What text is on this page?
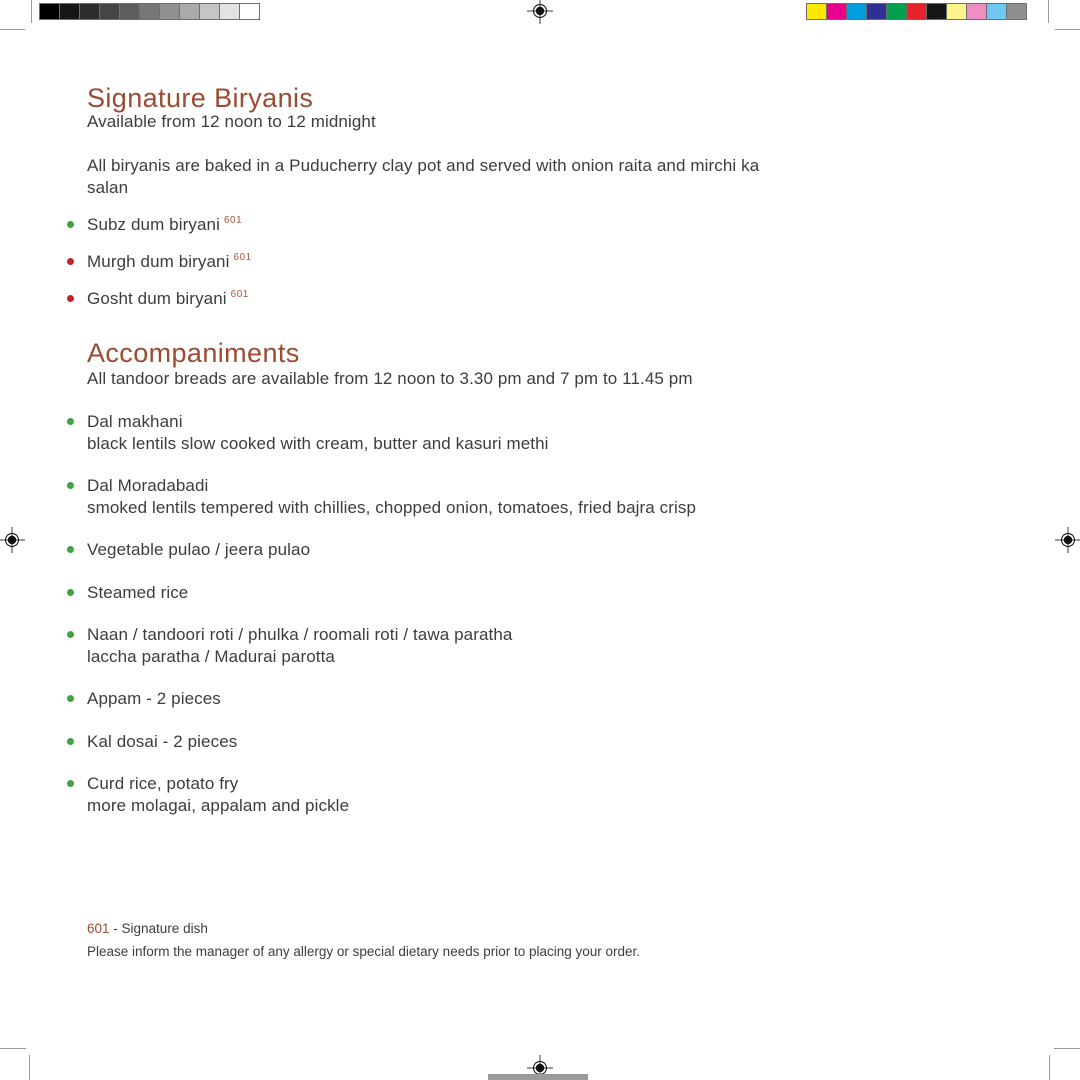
Signature Biryanis
Available from 12 noon to 12 midnight
All biryanis are baked in a Puducherry clay pot and served with onion raita and mirchi ka salan
Subz dum biryani $^{601}$
Murgh dum biryani $^{601}$
Gosht dum biryani $^{601}$
Accompaniments
All tandoor breads are available from 12 noon to 3.30 pm and 7 pm to 11.45 pm
Dal makhani
black lentils slow cooked with cream, butter and kasuri methi
Dal Moradabadi
smoked lentils tempered with chillies, chopped onion, tomatoes, fried bajra crisp
Vegetable pulao / jeera pulao
Steamed rice
Naan / tandoori roti / phulka / roomali roti / tawa paratha
laccha paratha / Madurai parotta
Appam - 2 pieces
Kal dosai - 2 pieces
Curd rice, potato fry
more molagai, appalam and pickle
601 - Signature dish
Please inform the manager of any allergy or special dietary needs prior to placing your order.
